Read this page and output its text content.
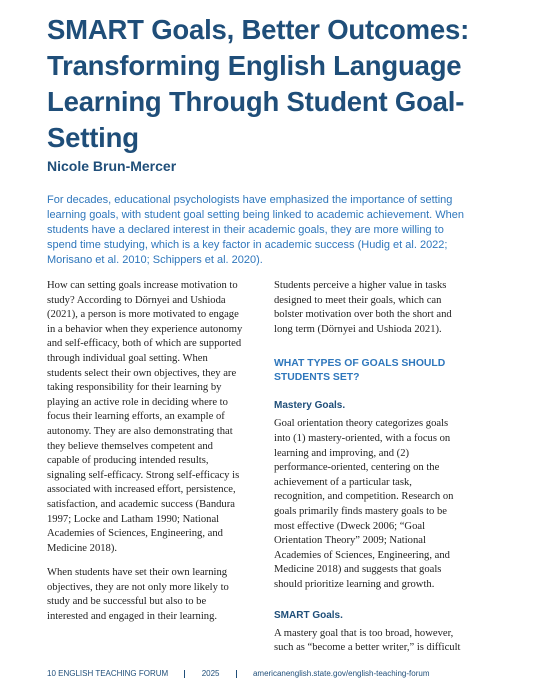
SMART Goals, Better Outcomes: Transforming English Language Learning Through Student Goal-Setting
Nicole Brun-Mercer

For decades, educational psychologists have emphasized the importance of setting learning goals, with student goal setting being linked to academic achievement. When students have a declared interest in their academic goals, they are more willing to spend time studying, which is a key factor in academic success (Hudig et al. 2022; Morisano et al. 2010; Schippers et al. 2020).

How can setting goals increase motivation to study? According to Dörnyei and Ushioda (2021), a person is more motivated to engage in a behavior when they experience autonomy and self-efficacy, both of which are supported through individual goal setting. When students select their own objectives, they are taking responsibility for their learning by playing an active role in deciding where to focus their learning efforts, an example of autonomy. They are also demonstrating that they believe themselves competent and capable of producing intended results, signaling self-efficacy. Strong self-efficacy is associated with increased effort, persistence, satisfaction, and academic success (Bandura 1997; Locke and Latham 1990; National Academies of Sciences, Engineering, and Medicine 2018).

When students have set their own learning objectives, they are not only more likely to study and be successful but also to be interested and engaged in their learning.

Students perceive a higher value in tasks designed to meet their goals, which can bolster motivation over both the short and long term (Dörnyei and Ushioda 2021).

WHAT TYPES OF GOALS SHOULD STUDENTS SET?
Mastery Goals.

Goal orientation theory categorizes goals into (1) mastery-oriented, with a focus on learning and improving, and (2) performance-oriented, centering on the achievement of a particular task, recognition, and competition. Research on goals primarily finds mastery goals to be most effective (Dweck 2006; “Goal Orientation Theory” 2009; National Academies of Sciences, Engineering, and Medicine 2018) and suggests that goals should prioritize learning and growth.

SMART Goals.

A mastery goal that is too broad, however, such as “become a better writer,” is difficult

10 ENGLISH TEACHING FORUM	2025	americanenglish.state.gov/english-teaching-forum
